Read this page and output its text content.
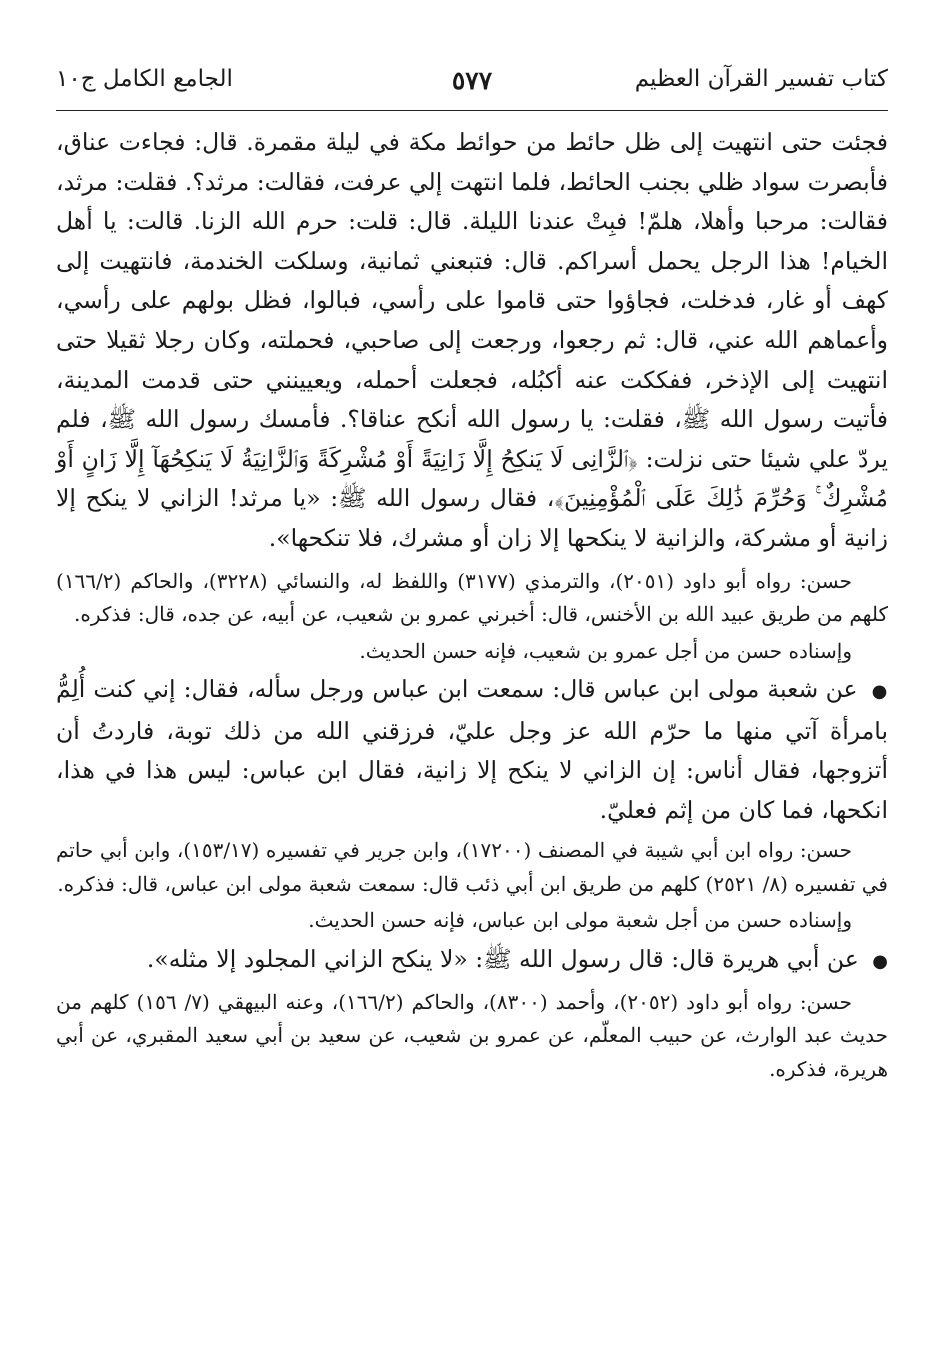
كتاب تفسير القرآن العظيم
٥٧٧
الجامع الكامل ج١٠

فجئت حتى انتهيت إلى ظل حائط من حوائط مكة في ليلة مقمرة. قال: فجاءت عناق، فأبصرت سواد ظلي بجنب الحائط، فلما انتهت إلي عرفت، فقالت: مرثد؟. فقلت: مرثد، فقالت: مرحبا وأهلا، هلمّ! فبِتْ عندنا الليلة. قال: قلت: حرم الله الزنا. قالت: يا أهل الخيام! هذا الرجل يحمل أسراكم. قال: فتبعني ثمانية، وسلكت الخندمة، فانتهيت إلى كهف أو غار، فدخلت، فجاؤوا حتى قاموا على رأسي، فبالوا، فظل بولهم على رأسي، وأعماهم الله عني، قال: ثم رجعوا، ورجعت إلى صاحبي، فحملته، وكان رجلا ثقيلا حتى انتهيت إلى الإذخر، ففككت عنه أكبُله، فجعلت أحمله، ويعيينني حتى قدمت المدينة، فأتيت رسول الله ﷺ، فقلت: يا رسول الله أنكح عناقا؟. فأمسك رسول الله ﷺ، فلم يردّ علي شيئا حتى نزلت: ﴿ٱلزَّانِى لَا يَنكِحُ إِلَّا زَانِيَةً أَوْ مُشْرِكَةً وَٱلزَّانِيَةُ لَا يَنكِحُهَآ إِلَّا زَانٍ أَوْ مُشْرِكٌ ۚ وَحُرِّمَ ذَٰلِكَ عَلَى ٱلْمُؤْمِنِينَ﴾، فقال رسول الله ﷺ: «يا مرثد! الزاني لا ينكح إلا زانية أو مشركة، والزانية لا ينكحها إلا زان أو مشرك، فلا تنكحها».

حسن: رواه أبو داود (٢٠٥١)، والترمذي (٣١٧٧) واللفظ له، والنسائي (٣٢٢٨)، والحاكم (١٦٦/٢) كلهم من طريق عبيد الله بن الأخنس، قال: أخبرني عمرو بن شعيب، عن أبيه، عن جده، قال: فذكره.

وإسناده حسن من أجل عمرو بن شعيب، فإنه حسن الحديث.

● عن شعبة مولى ابن عباس قال: سمعت ابن عباس ورجل سأله، فقال: إني كنت أُلِمُّ بامرأة آتي منها ما حرّم الله عز وجل عليّ، فرزقني الله من ذلك توبة، فاردتُ أن أتزوجها، فقال أناس: إن الزاني لا ينكح إلا زانية، فقال ابن عباس: ليس هذا في هذا، انكحها، فما كان من إثم فعليّ.

حسن: رواه ابن أبي شيبة في المصنف (١٧٢٠٠)، وابن جرير في تفسيره (١٥٣/١٧)، وابن أبي حاتم في تفسيره (٨/ ٢٥٢١) كلهم من طريق ابن أبي ذئب قال: سمعت شعبة مولى ابن عباس، قال: فذكره.

وإسناده حسن من أجل شعبة مولى ابن عباس، فإنه حسن الحديث.

● عن أبي هريرة قال: قال رسول الله ﷺ: «لا ينكح الزاني المجلود إلا مثله».

حسن: رواه أبو داود (٢٠٥٢)، وأحمد (٨٣٠٠)، والحاكم (١٦٦/٢)، وعنه البيهقي (٧/ ١٥٦) كلهم من حديث عبد الوارث، عن حبيب المعلّم، عن عمرو بن شعيب، عن سعيد بن أبي سعيد المقبري، عن أبي هريرة، فذكره.
